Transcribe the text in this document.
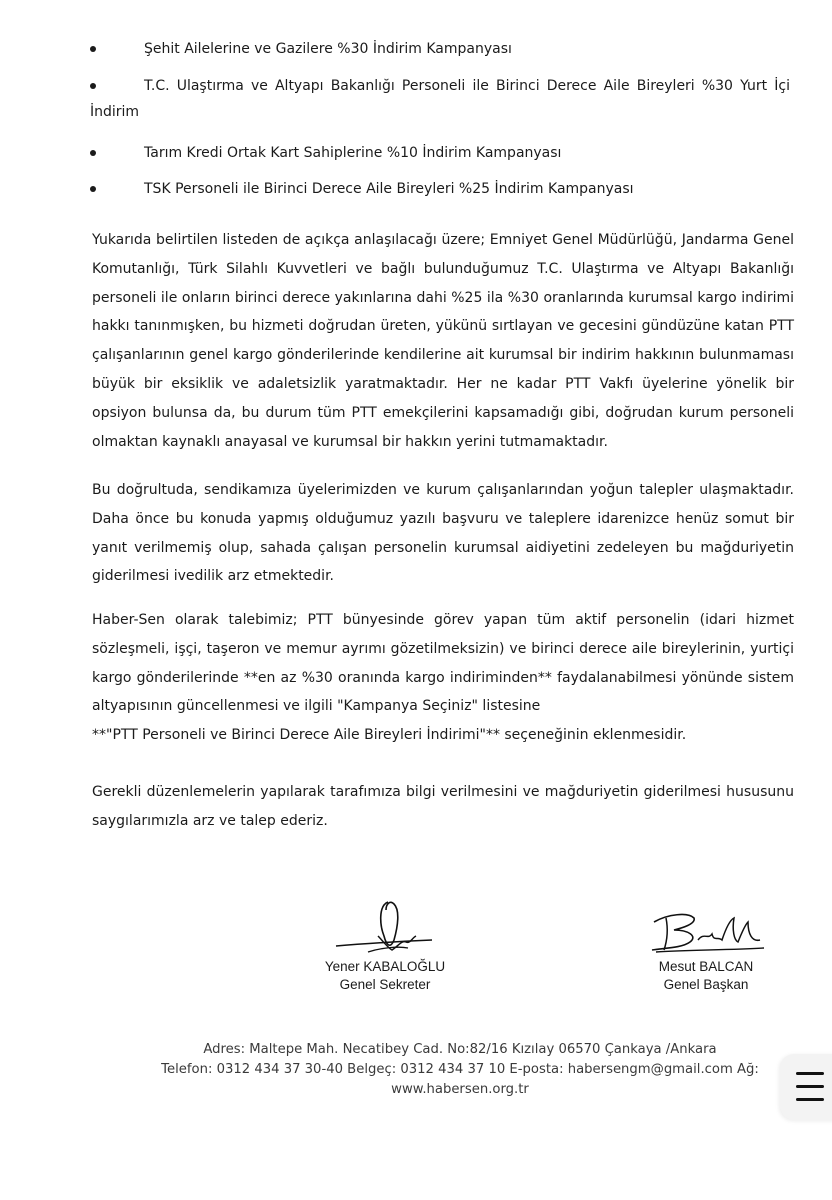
Şehit Ailelerine ve Gazilere %30 İndirim Kampanyası
T.C. Ulaştırma ve Altyapı Bakanlığı Personeli ile Birinci Derece Aile Bireyleri %30 Yurt İçi İndirim
Tarım Kredi Ortak Kart Sahiplerine %10 İndirim Kampanyası
TSK Personeli ile Birinci Derece Aile Bireyleri %25 İndirim Kampanyası

Yukarıda belirtilen listeden de açıkça anlaşılacağı üzere; Emniyet Genel Müdürlüğü, Jandarma Genel Komutanlığı, Türk Silahlı Kuvvetleri ve bağlı bulunduğumuz T.C. Ulaştırma ve Altyapı Bakanlığı personeli ile onların birinci derece yakınlarına dahi %25 ila %30 oranlarında kurumsal kargo indirimi hakkı tanınmışken, bu hizmeti doğrudan üreten, yükünü sırtlayan ve gecesini gündüzüne katan PTT çalışanlarının genel kargo gönderilerinde kendilerine ait kurumsal bir indirim hakkının bulunmaması büyük bir eksiklik ve adaletsizlik yaratmaktadır. Her ne kadar PTT Vakfı üyelerine yönelik bir opsiyon bulunsa da, bu durum tüm PTT emekçilerini kapsamadığı gibi, doğrudan kurum personeli olmaktan kaynaklı anayasal ve kurumsal bir hakkın yerini tutmamaktadır.

Bu doğrultuda, sendikamıza üyelerimizden ve kurum çalışanlarından yoğun talepler ulaşmaktadır. Daha önce bu konuda yapmış olduğumuz yazılı başvuru ve taleplere idarenizce henüz somut bir yanıt verilmemiş olup, sahada çalışan personelin kurumsal aidiyetini zedeleyen bu mağduriyetin giderilmesi ivedilik arz etmektedir.

Haber-Sen olarak talebimiz; PTT bünyesinde görev yapan tüm aktif personelin (idari hizmet sözleşmeli, işçi, taşeron ve memur ayrımı gözetilmeksizin) ve birinci derece aile bireylerinin, yurtiçi kargo gönderilerinde **en az %30 oranında kargo indiriminden** faydalanabilmesi yönünde sistem altyapısının güncellenmesi ve ilgili "Kampanya Seçiniz" listesine
**"PTT Personeli ve Birinci Derece Aile Bireyleri İndirimi"** seçeneğinin eklenmesidir.

Gerekli düzenlemelerin yapılarak tarafımıza bilgi verilmesini ve mağduriyetin giderilmesi hususunu saygılarımızla arz ve talep ederiz.

Yener KABALOĞLU
Genel Sekreter
Mesut BALCAN
Genel Başkan
Adres: Maltepe Mah. Necatibey Cad. No:82/16 Kızılay 06570 Çankaya /Ankara
Telefon: 0312 434 37 30-40 Belgeç: 0312 434 37 10 E-posta: habersengm@gmail.com Ağ:
www.habersen.org.tr
